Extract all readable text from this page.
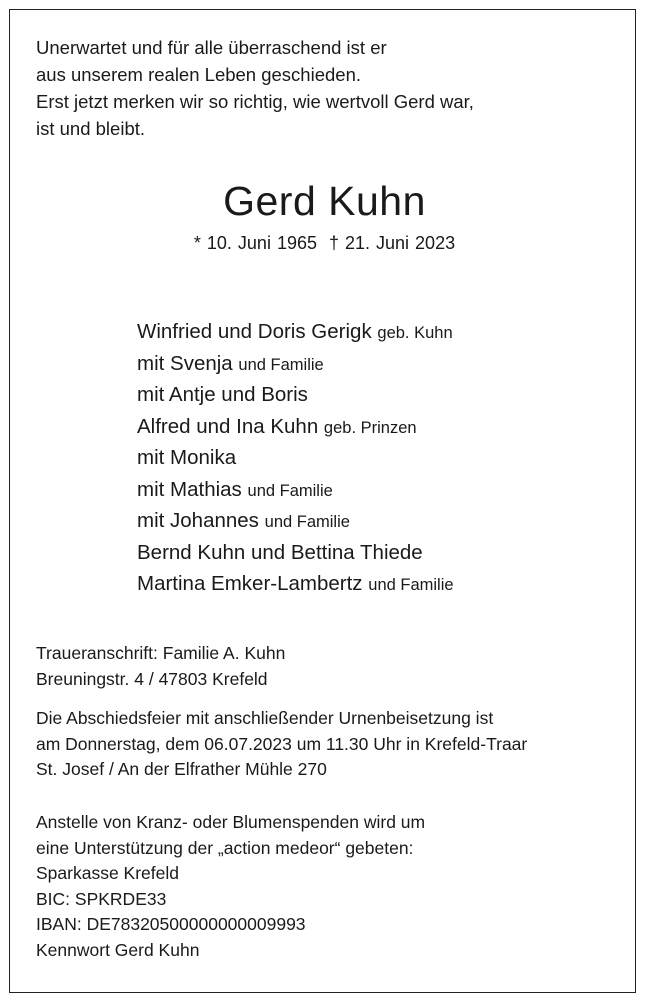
Unerwartet und für alle überraschend ist er
aus unserem realen Leben geschieden.
Erst jetzt merken wir so richtig, wie wertvoll Gerd war,
ist und bleibt.
Gerd Kuhn
* 10. Juni 1965 † 21. Juni 2023
Winfried und Doris Gerigk geb. Kuhn
mit Svenja und Familie
mit Antje und Boris
Alfred und Ina Kuhn geb. Prinzen
mit Monika
mit Mathias und Familie
mit Johannes und Familie
Bernd Kuhn und Bettina Thiede
Martina Emker-Lambertz und Familie
Traueranschrift: Familie A. Kuhn
Breuningstr. 4 / 47803 Krefeld
Die Abschiedsfeier mit anschließender Urnenbeisetzung ist
am Donnerstag, dem 06.07.2023 um 11.30 Uhr in Krefeld-Traar
St. Josef / An der Elfrather Mühle 270
Anstelle von Kranz- oder Blumenspenden wird um
eine Unterstützung der „action medeor“ gebeten:
Sparkasse Krefeld
BIC: SPKRDE33
IBAN: DE78320500000000009993
Kennwort Gerd Kuhn
